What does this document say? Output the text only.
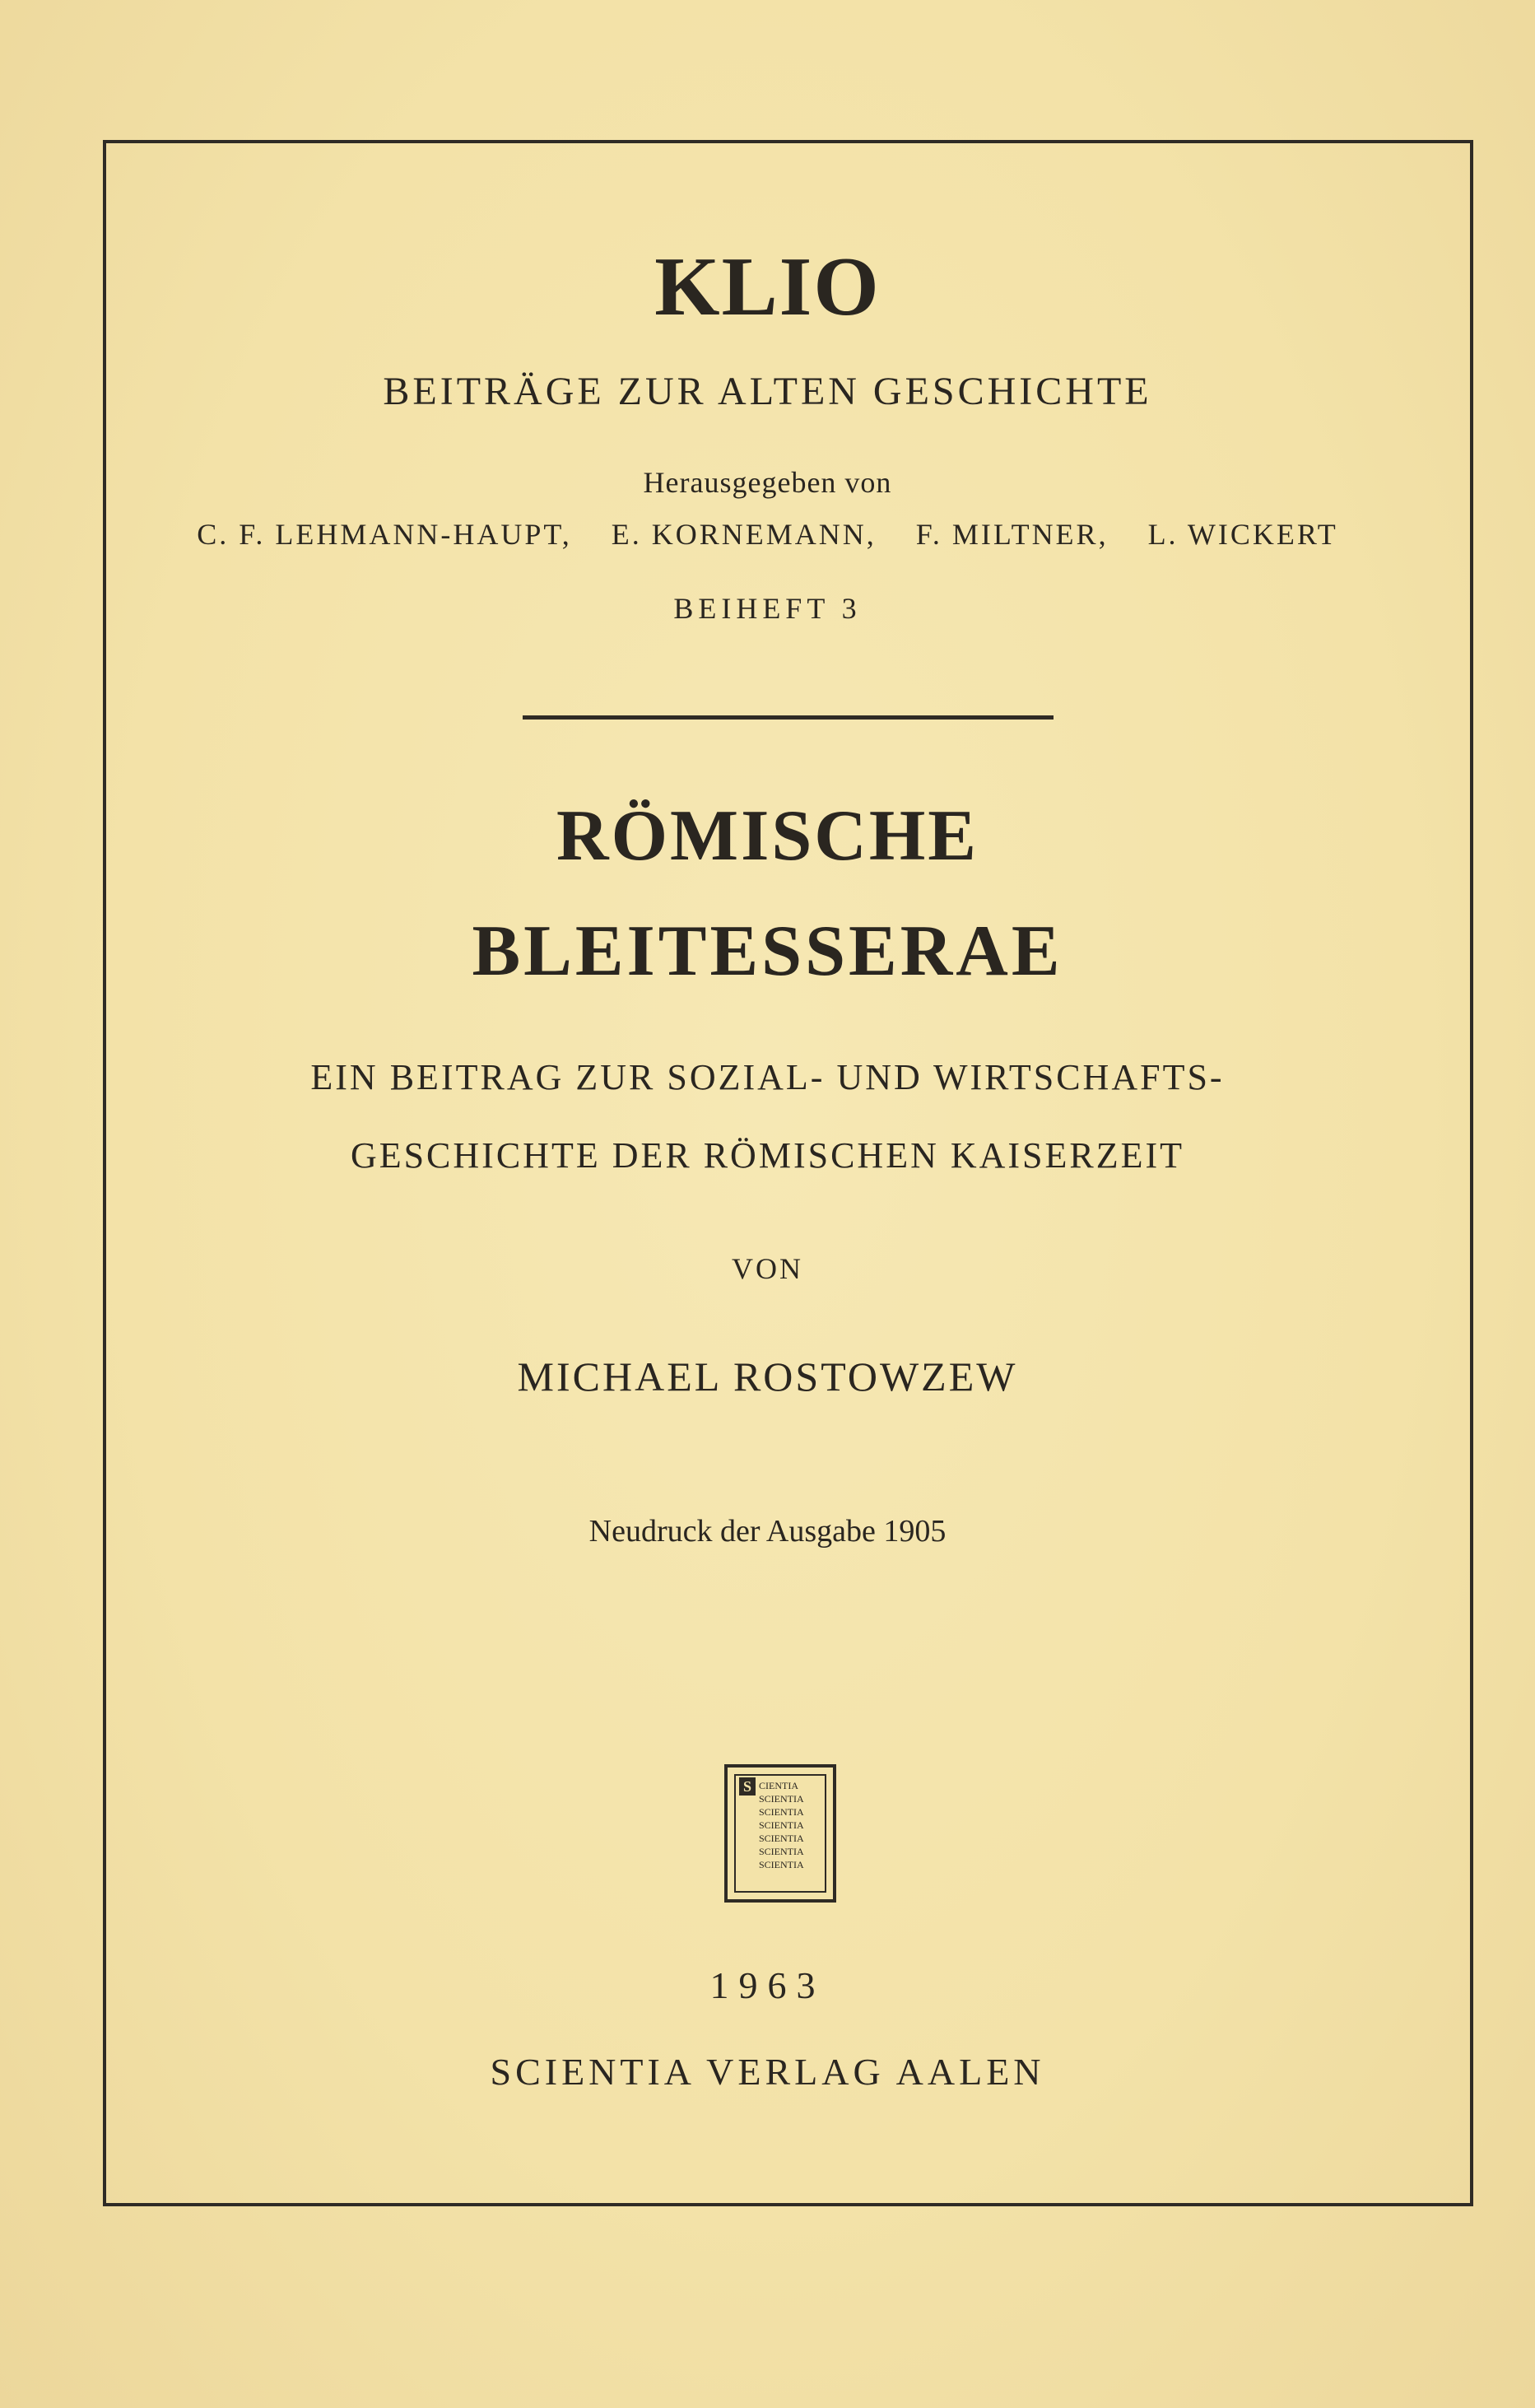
KLIO
BEITRÄGE ZUR ALTEN GESCHICHTE
Herausgegeben von
C. F. LEHMANN-HAUPT, E. KORNEMANN, F. MILTNER, L. WICKERT
BEIHEFT 3
RÖMISCHE
BLEITESSERAE
EIN BEITRAG ZUR SOZIAL- UND WIRTSCHAFTS-
GESCHICHTE DER RÖMISCHEN KAISERZEIT
VON
MICHAEL ROSTOWZEW
Neudruck der Ausgabe 1905
S CIENTIA
SCIENTIA
SCIENTIA
SCIENTIA
SCIENTIA
SCIENTIA
SCIENTIA
1963
SCIENTIA VERLAG AALEN
